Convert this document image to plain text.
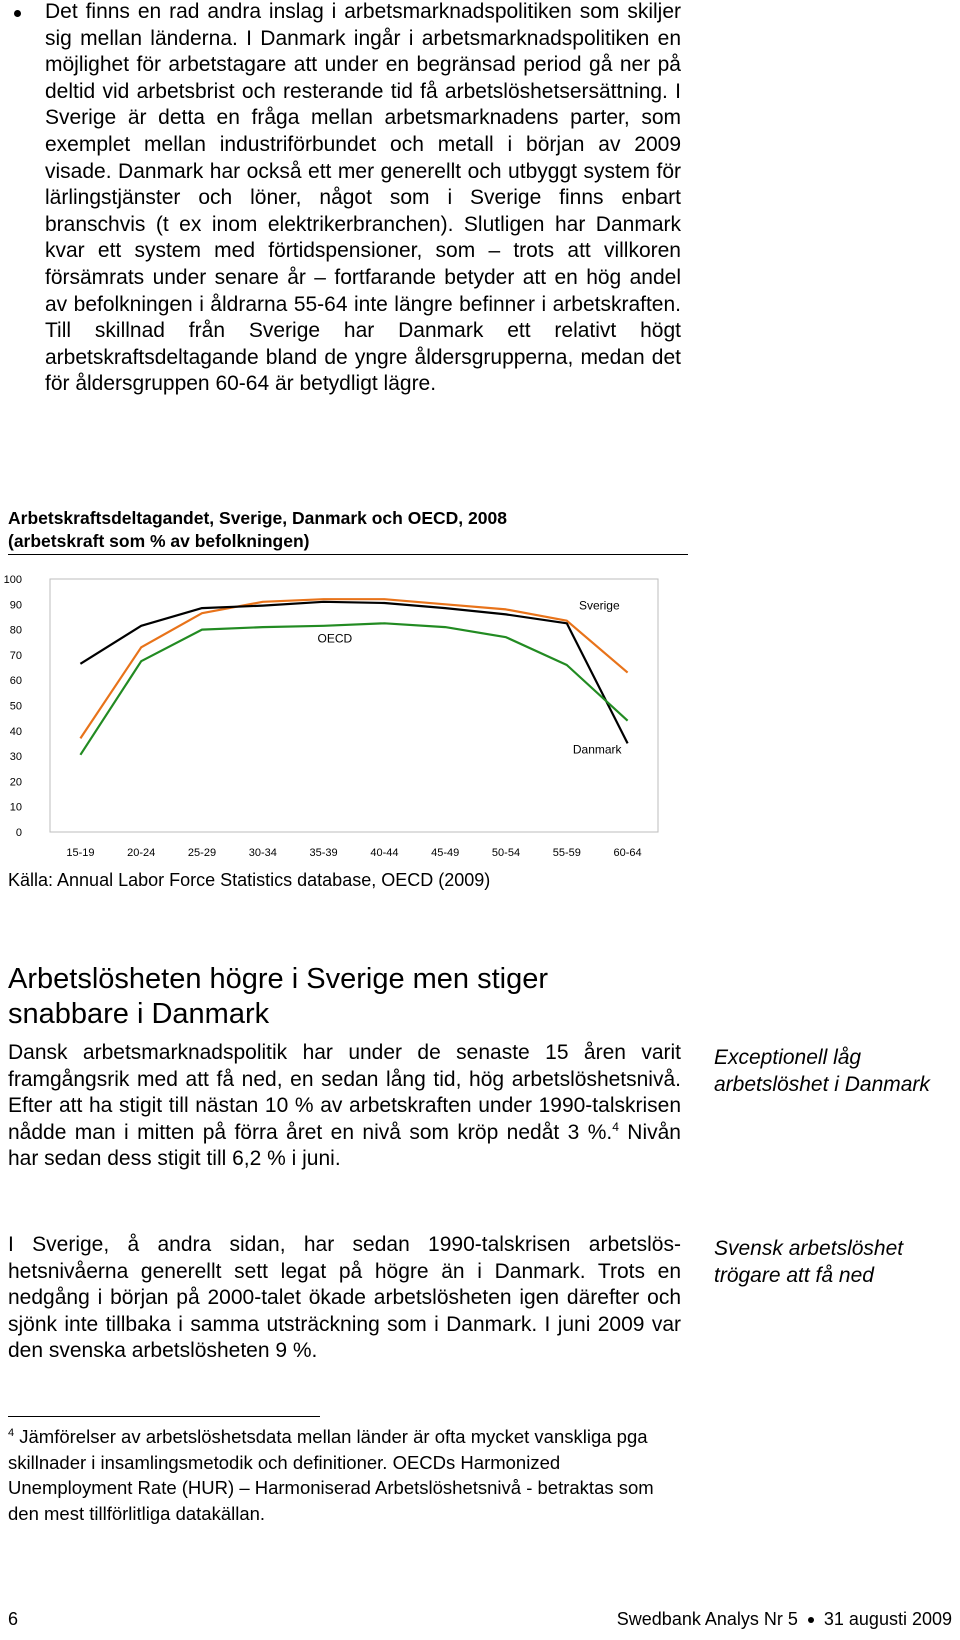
Det finns en rad andra inslag i arbetsmarknadspolitiken som skiljer sig mellan länderna. I Danmark ingår i arbetsmarknadspolitiken en möjlighet för arbetstagare att under en begränsad period gå ner på deltid vid arbetsbrist och resterande tid få arbetslöshetsersättning. I Sverige är detta en fråga mellan arbetsmarknadens parter, som exemplet mellan industriförbundet och metall i början av 2009 visade. Danmark har också ett mer generellt och utbyggt system för lärlingstjänster och löner, något som i Sverige finns enbart branschvis (t ex inom elektrikerbranchen). Slutligen har Danmark kvar ett system med förtidspensioner, som – trots att villkoren försämrats under senare år – fortfarande betyder att en hög andel av befolkningen i åldrarna 55-64 inte längre befinner i arbetskraften. Till skillnad från Sverige har Danmark ett relativt högt arbetskraftsdeltagande bland de yngre åldersgrupperna, medan det för åldersgruppen 60-64 är betydligt lägre.
Arbetskraftsdeltagandet, Sverige, Danmark och OECD, 2008
(arbetskraft som % av befolkningen)
0
10
20
30
40
50
60
70
80
90
100
15-19	20-24	25-29	30-34	35-39	40-44	45-49	50-54	55-59	60-64
Sverige
Danmark
OECD
Källa: Annual Labor Force Statistics database, OECD (2009)
Arbetslösheten högre i Sverige men stiger snabbare i Danmark
Dansk arbetsmarknadspolitik har under de senaste 15 åren varit framgångsrik med att få ned, en sedan lång tid, hög arbetslöshetsnivå. Efter att ha stigit till nästan 10 % av arbetskraften under 1990-talskrisen nådde man i mitten på förra året en nivå som kröp nedåt 3 %.$^4$ Nivån har sedan dess stigit till 6,2 % i juni.
I Sverige, å andra sidan, har sedan 1990-talskrisen arbetslöshetsnivåerna generellt sett legat på högre än i Danmark. Trots en nedgång i början på 2000-talet ökade arbetslösheten igen därefter och sjönk inte tillbaka i samma utsträckning som i Danmark. I juni 2009 var den svenska arbetslösheten 9 %.
Exceptionell låg arbetslöshet i Danmark
Svensk arbetslöshet trögare att få ned
$^4$ Jämförelser av arbetslöshetsdata mellan länder är ofta mycket vanskliga pga skillnader i insamlingsmetodik och definitioner. OECDs Harmonized Unemployment Rate (HUR) – Harmoniserad Arbetslöshetsnivå - betraktas som den mest tillförlitliga datakällan.
6	Swedbank Analys Nr 5 31 augusti 2009
